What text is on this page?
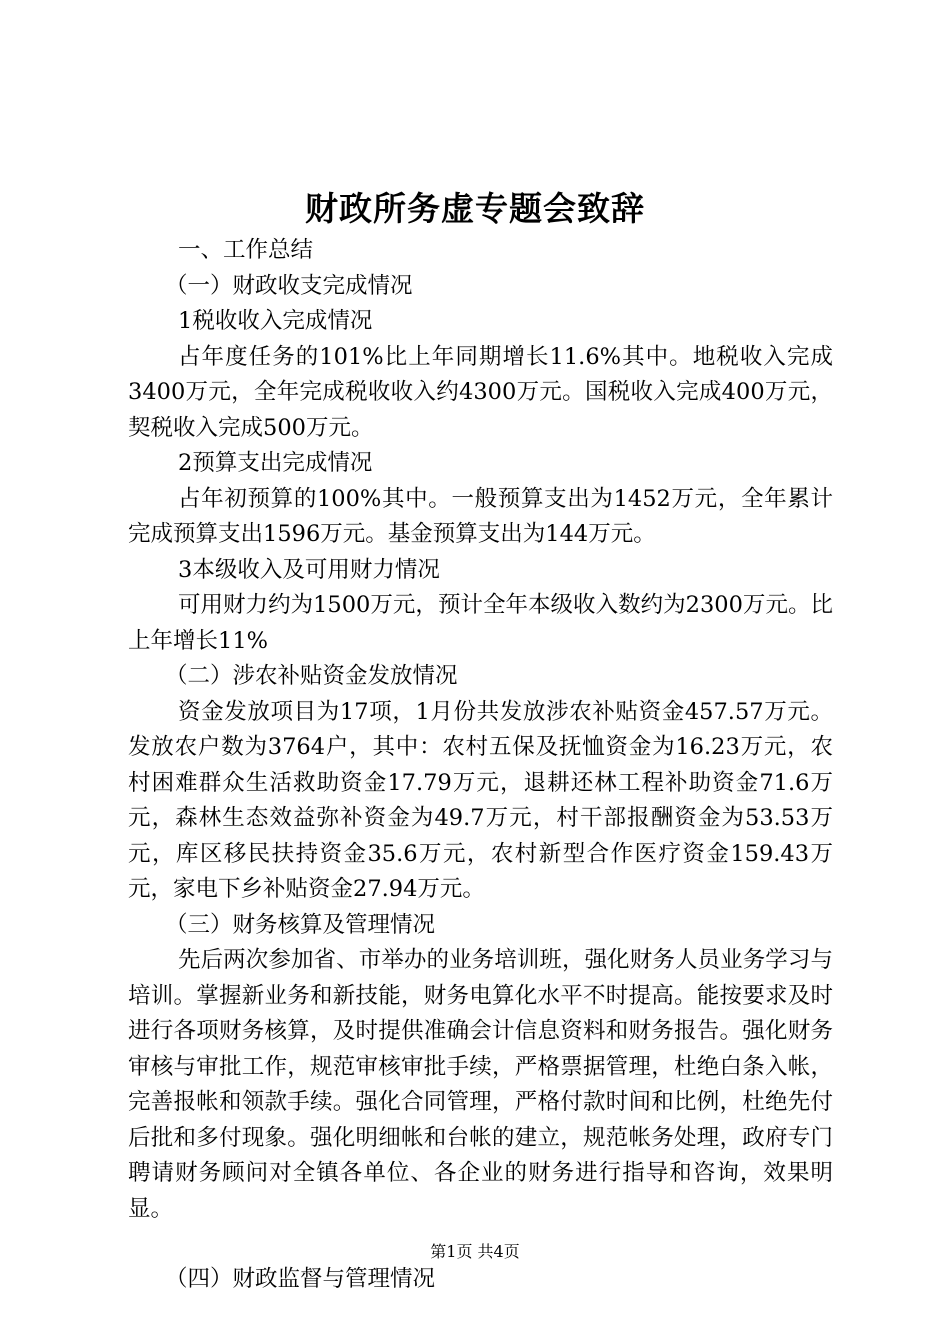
财政所务虚专题会致辞

一、工作总结

（一）财政收支完成情况

1税收收入完成情况

占年度任务的101%比上年同期增长11.6%其中。地税收入完成3400万元，全年完成税收收入约4300万元。国税收入完成400万元，契税收入完成500万元。

2预算支出完成情况

占年初预算的100%其中。一般预算支出为1452万元，全年累计完成预算支出1596万元。基金预算支出为144万元。

3本级收入及可用财力情况

可用财力约为1500万元，预计全年本级收入数约为2300万元。比上年增长11%

（二）涉农补贴资金发放情况

资金发放项目为17项，1月份共发放涉农补贴资金457.57万元。发放农户数为3764户，其中：农村五保及抚恤资金为16.23万元，农村困难群众生活救助资金17.79万元，退耕还林工程补助资金71.6万元，森林生态效益弥补资金为49.7万元，村干部报酬资金为53.53万元，库区移民扶持资金35.6万元，农村新型合作医疗资金159.43万元，家电下乡补贴资金27.94万元。

（三）财务核算及管理情况

先后两次参加省、市举办的业务培训班，强化财务人员业务学习与培训。掌握新业务和新技能，财务电算化水平不时提高。能按要求及时进行各项财务核算，及时提供准确会计信息资料和财务报告。强化财务审核与审批工作，规范审核审批手续，严格票据管理，杜绝白条入帐，完善报帐和领款手续。强化合同管理，严格付款时间和比例，杜绝先付后批和多付现象。强化明细帐和台帐的建立，规范帐务处理，政府专门聘请财务顾问对全镇各单位、各企业的财务进行指导和咨询，效果明显。

（四）财政监督与管理情况

第1页 共4页
